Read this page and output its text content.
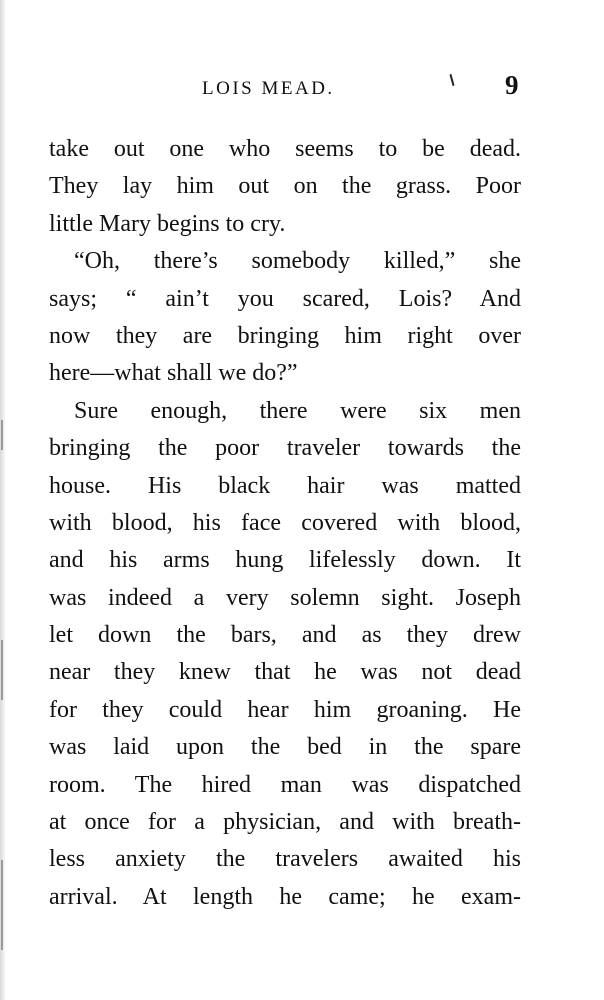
LOIS MEAD.	9
take out one who seems to be dead.
They lay him out on the grass. Poor
little Mary begins to cry.
“Oh, there’s somebody killed,” she
says; “ ain’t you scared, Lois? And
now they are bringing him right over
here—what shall we do?”
Sure enough, there were six men
bringing the poor traveler towards the
house. His black hair was matted
with blood, his face covered with blood,
and his arms hung lifelessly down. It
was indeed a very solemn sight. Joseph
let down the bars, and as they drew
near they knew that he was not dead
for they could hear him groaning. He
was laid upon the bed in the spare
room. The hired man was dispatched
at once for a physician, and with breath-
less anxiety the travelers awaited his
arrival. At length he came; he exam-
